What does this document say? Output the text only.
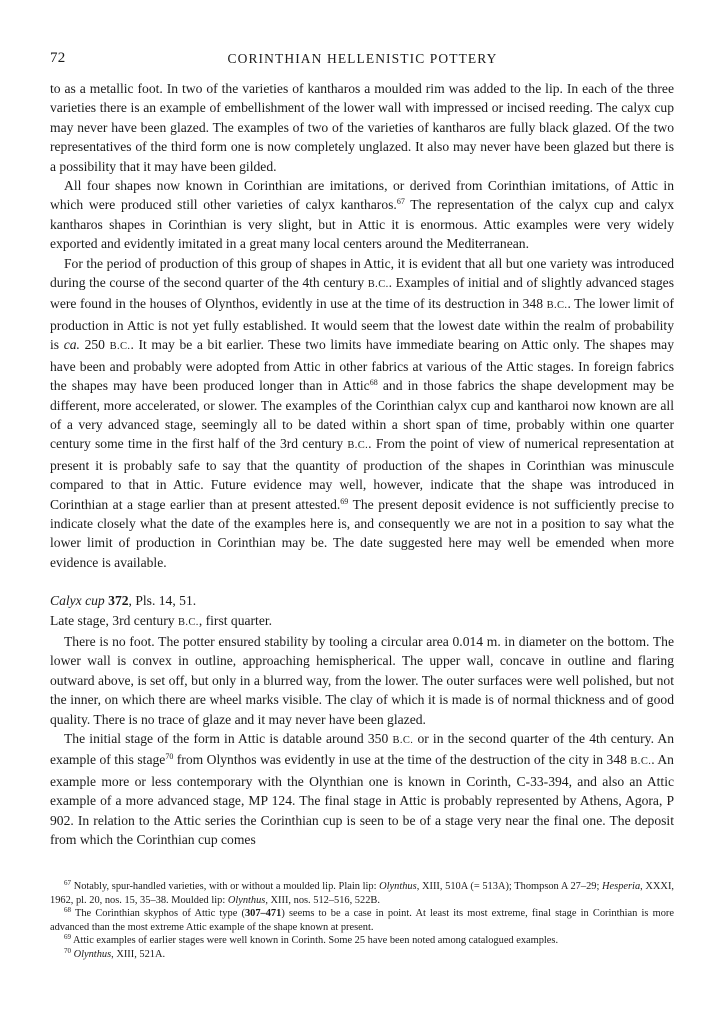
72	CORINTHIAN HELLENISTIC POTTERY

to as a metallic foot. In two of the varieties of kantharos a moulded rim was added to the lip. In each of the three varieties there is an example of embellishment of the lower wall with impressed or incised reeding. The calyx cup may never have been glazed. The examples of two of the varieties of kantharos are fully black glazed. Of the two representatives of the third form one is now completely unglazed. It also may never have been glazed but there is a possibility that it may have been gilded.

All four shapes now known in Corinthian are imitations, or derived from Corinthian imitations, of Attic in which were produced still other varieties of calyx kantharos.$^{67}$ The representation of the calyx cup and calyx kantharos shapes in Corinthian is very slight, but in Attic it is enormous. Attic examples were very widely exported and evidently imitated in a great many local centers around the Mediterranean.

For the period of production of this group of shapes in Attic, it is evident that all but one variety was introduced during the course of the second quarter of the 4th century B.C.. Examples of initial and of slightly advanced stages were found in the houses of Olynthos, evidently in use at the time of its destruction in 348 B.C.. The lower limit of production in Attic is not yet fully established. It would seem that the lowest date within the realm of probability is ca. 250 B.C.. It may be a bit earlier. These two limits have immediate bearing on Attic only. The shapes may have been and probably were adopted from Attic in other fabrics at various of the Attic stages. In foreign fabrics the shapes may have been produced longer than in Attic$^{68}$ and in those fabrics the shape development may be different, more accelerated, or slower. The examples of the Corinthian calyx cup and kantharoi now known are all of a very advanced stage, seemingly all to be dated within a short span of time, probably within one quarter century some time in the first half of the 3rd century B.C.. From the point of view of numerical representation at present it is probably safe to say that the quantity of production of the shapes in Corinthian was minuscule compared to that in Attic. Future evidence may well, however, indicate that the shape was introduced in Corinthian at a stage earlier than at present attested.$^{69}$ The present deposit evidence is not sufficiently precise to indicate closely what the date of the examples here is, and consequently we are not in a position to say what the lower limit of production in Corinthian may be. The date suggested here may well be emended when more evidence is available.

Calyx cup 372, Pls. 14, 51.

Late stage, 3rd century B.C., first quarter.

There is no foot. The potter ensured stability by tooling a circular area 0.014 m. in diameter on the bottom. The lower wall is convex in outline, approaching hemispherical. The upper wall, concave in outline and flaring outward above, is set off, but only in a blurred way, from the lower. The outer surfaces were well polished, but not the inner, on which there are wheel marks visible. The clay of which it is made is of normal thickness and of good quality. There is no trace of glaze and it may never have been glazed.

The initial stage of the form in Attic is datable around 350 B.C. or in the second quarter of the 4th century. An example of this stage$^{70}$ from Olynthos was evidently in use at the time of the destruction of the city in 348 B.C.. An example more or less contemporary with the Olynthian one is known in Corinth, C-33-394, and also an Attic example of a more advanced stage, MP 124. The final stage in Attic is probably represented by Athens, Agora, P 902. In relation to the Attic series the Corinthian cup is seen to be of a stage very near the final one. The deposit from which the Corinthian cup comes

$^{67}$ Notably, spur-handled varieties, with or without a moulded lip. Plain lip: Olynthus, XIII, 510A (= 513A); Thompson A 27–29; Hesperia, XXXI, 1962, pl. 20, nos. 15, 35–38. Moulded lip: Olynthus, XIII, nos. 512–516, 522B.

$^{68}$ The Corinthian skyphos of Attic type (307–471) seems to be a case in point. At least its most extreme, final stage in Corinthian is more advanced than the most extreme Attic example of the shape known at present.

$^{69}$ Attic examples of earlier stages were well known in Corinth. Some 25 have been noted among catalogued examples.

$^{70}$ Olynthus, XIII, 521A.
